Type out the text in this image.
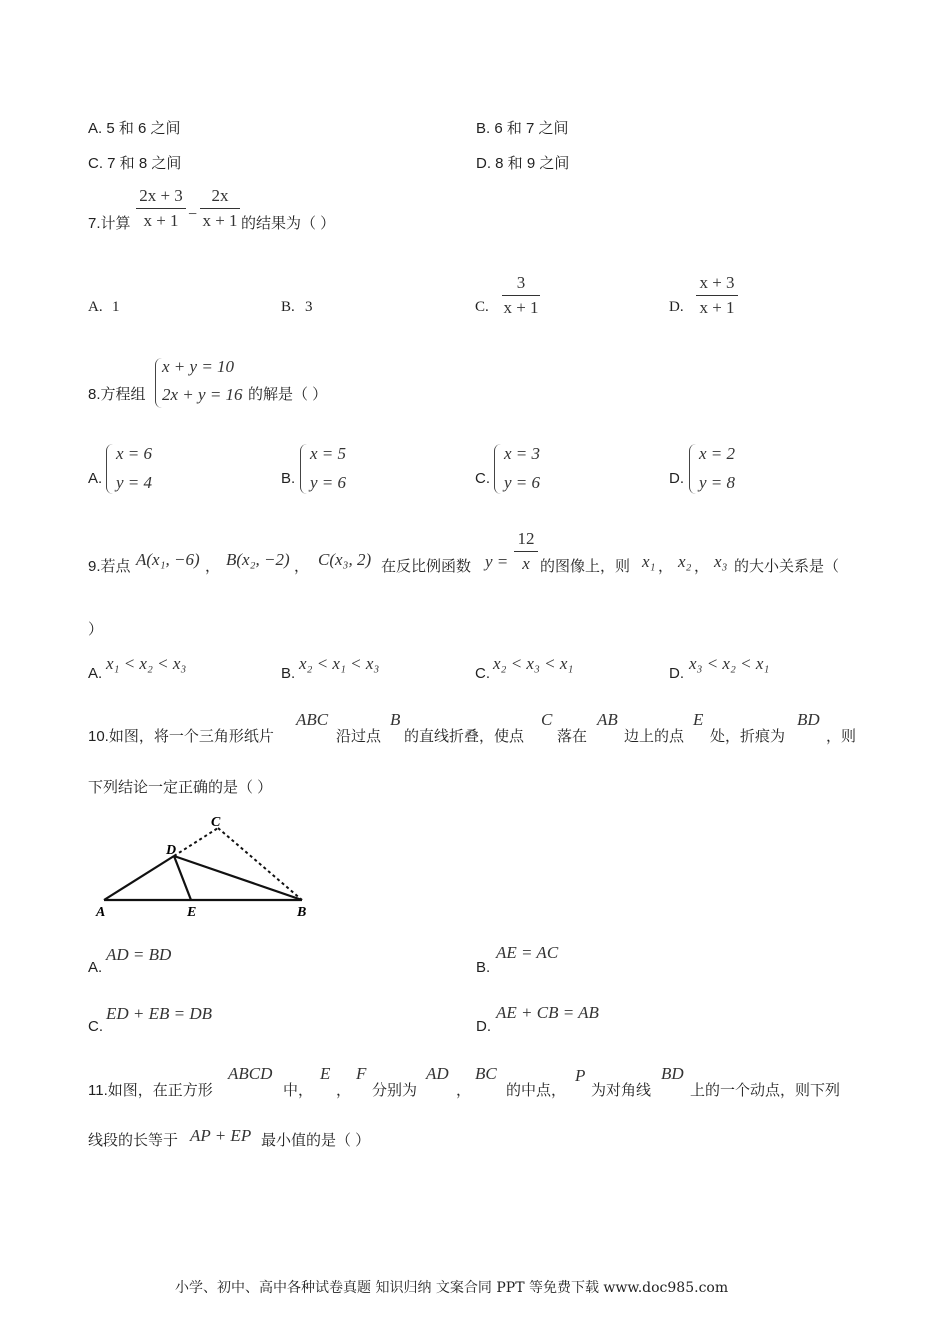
A. 5 和 6 之间	B. 6 和 7 之间
C. 7 和 8 之间	D. 8 和 9 之间
7.计算
2x + 3
x + 1 −
2x
x + 1 的结果为（ ）
A. 1	B. 3	C.
3
x + 1	D.
x + 3
x + 1
8.方程组
x + y = 10
2x + y = 16 的解是（ ）
A.
x = 6
y = 4	B.
x = 5
y = 6	C.
x = 3
y = 6	D.
x = 2
y = 8
9.若点 A(x₁, −6) ， B(x₂, −2) ， C(x₃, 2) 在反比例函数 y =
12
x 的图像上，则 x₁ ， x₂ ， x₃ 的大小关系是（
）
A.
x₁ < x₂ < x₃
B.
x₂ < x₁ < x₃
C.
x₂ < x₃ < x₁
D.
x₃ < x₂ < x₁
10.如图，将一个三角形纸片
ABC
沿过点
B
的直线折叠，使点
C
落在
AB
边上的点
E
处，折痕为
BD
，则
下列结论一定正确的是（ ）
A	E	B
D
C
A.
AD = BD
B.
AE = AC
C.
ED + EB = DB
D.
AE + CB = AB
11.如图，在正方形
ABCD
中，
E
，
F
分别为
AD
，
BC
的中点，
P
为对角线
BD
上的一个动点，则下列
线段的长等于 AP + EP 最小值的是（ ）
小学、初中、高中各种试卷真题 知识归纳 文案合同 PPT 等免费下载 www.doc985.com
